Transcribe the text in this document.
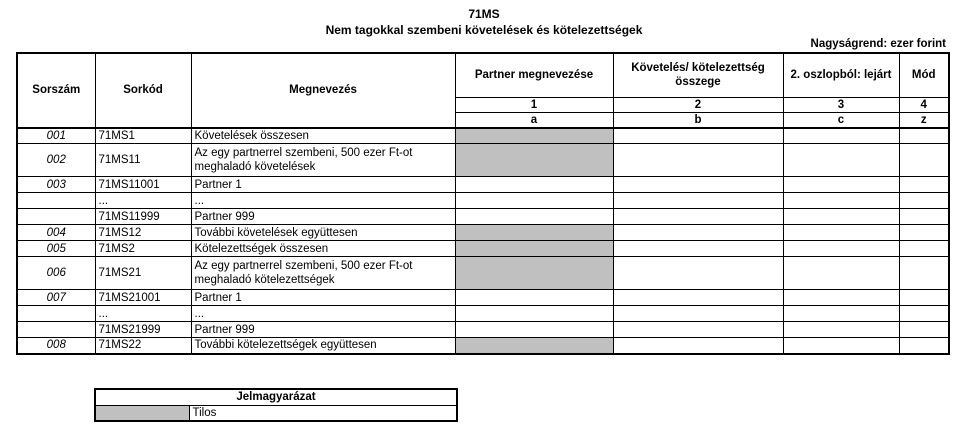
71MS
Nem tagokkal szembeni követelések és kötelezettségek
Nagyságrend: ezer forint
Sorszám	Sorkód	Megnevezés	Partner megnevezése	Követelés/ kötelezettség összege	2. oszlopból: lejárt	Mód
			1	2	3	4
			a	b	c	z
001	71MS1	Követelések összesen				
002	71MS11	Az egy partnerrel szembeni, 500 ezer Ft-ot meghaladó követelések				
003	71MS11001	Partner 1				
	...	...				
	71MS11999	Partner 999				
004	71MS12	További követelések együttesen				
005	71MS2	Kötelezettségek összesen				
006	71MS21	Az egy partnerrel szembeni, 500 ezer Ft-ot meghaladó kötelezettségek				
007	71MS21001	Partner 1				
	...	...				
	71MS21999	Partner 999				
008	71MS22	További kötelezettségek együttesen				
Jelmagyarázat
	Tilos
